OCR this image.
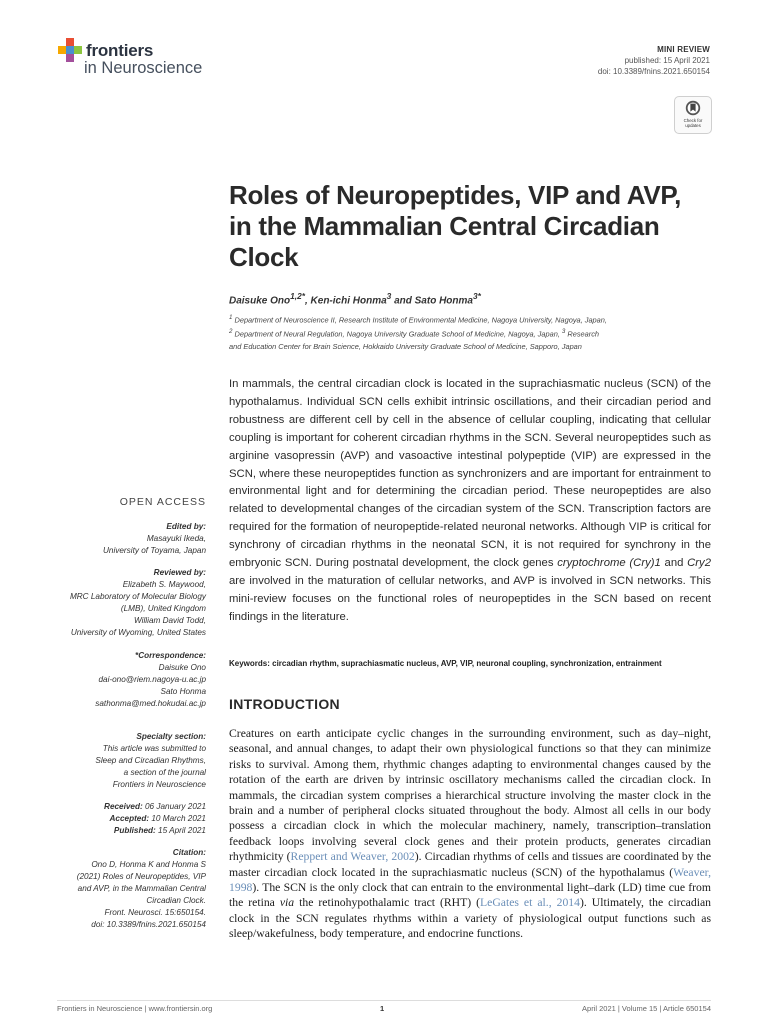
frontiers
in Neuroscience
MINI REVIEW
published: 15 April 2021
doi: 10.3389/fnins.2021.650154
Check for
updates
Roles of Neuropeptides, VIP and AVP,
in the Mammalian Central Circadian
Clock
Daisuke Ono$^{1,2*}$, Ken-ichi Honma$^3$ and Sato Honma$^{3*}$
$^1$ Department of Neuroscience II, Research Institute of Environmental Medicine, Nagoya University, Nagoya, Japan,
$^2$ Department of Neural Regulation, Nagoya University Graduate School of Medicine, Nagoya, Japan, $^3$ Research
and Education Center for Brain Science, Hokkaido University Graduate School of Medicine, Sapporo, Japan
In mammals, the central circadian clock is located in the suprachiasmatic nucleus (SCN) of the hypothalamus. Individual SCN cells exhibit intrinsic oscillations, and their circadian period and robustness are different cell by cell in the absence of cellular coupling, indicating that cellular coupling is important for coherent circadian rhythms in the SCN. Several neuropeptides such as arginine vasopressin (AVP) and vasoactive intestinal polypeptide (VIP) are expressed in the SCN, where these neuropeptides function as synchronizers and are important for entrainment to environmental light and for determining the circadian period. These neuropeptides are also related to developmental changes of the circadian system of the SCN. Transcription factors are required for the formation of neuropeptide-related neuronal networks. Although VIP is critical for synchrony of circadian rhythms in the neonatal SCN, it is not required for synchrony in the embryonic SCN. During postnatal development, the clock genes cryptochrome (Cry)1 and Cry2 are involved in the maturation of cellular networks, and AVP is involved in SCN networks. This mini-review focuses on the functional roles of neuropeptides in the SCN based on recent findings in the literature.
Keywords: circadian rhythm, suprachiasmatic nucleus, AVP, VIP, neuronal coupling, synchronization, entrainment
INTRODUCTION
Creatures on earth anticipate cyclic changes in the surrounding environment, such as day–night, seasonal, and annual changes, to adapt their own physiological functions so that they can minimize risks to survival. Among them, rhythmic changes adapting to environmental changes caused by the rotation of the earth are driven by intrinsic oscillatory mechanisms called the circadian clock. In mammals, the circadian system comprises a hierarchical structure involving the master clock in the brain and a number of peripheral clocks situated throughout the body. Almost all cells in our body possess a circadian clock in which the molecular machinery, namely, transcription–translation feedback loops involving several clock genes and their protein products, generates circadian rhythmicity (Reppert and Weaver, 2002). Circadian rhythms of cells and tissues are coordinated by the master circadian clock located in the suprachiasmatic nucleus (SCN) of the hypothalamus (Weaver, 1998). The SCN is the only clock that can entrain to the environmental light–dark (LD) time cue from the retina via the retinohypothalamic tract (RHT) (LeGates et al., 2014). Ultimately, the circadian clock in the SCN regulates rhythms within a variety of physiological output functions such as sleep/wakefulness, body temperature, and endocrine functions.
OPEN ACCESS
Edited by:
Masayuki Ikeda,
University of Toyama, Japan
Reviewed by:
Elizabeth S. Maywood,
MRC Laboratory of Molecular Biology
(LMB), United Kingdom
William David Todd,
University of Wyoming, United States
*Correspondence:
Daisuke Ono
dai-ono@riem.nagoya-u.ac.jp
Sato Honma
sathonma@med.hokudai.ac.jp
Specialty section:
This article was submitted to
Sleep and Circadian Rhythms,
a section of the journal
Frontiers in Neuroscience
Received: 06 January 2021
Accepted: 10 March 2021
Published: 15 April 2021
Citation:
Ono D, Honma K and Honma S
(2021) Roles of Neuropeptides, VIP
and AVP, in the Mammalian Central
Circadian Clock.
Front. Neurosci. 15:650154.
doi: 10.3389/fnins.2021.650154
Frontiers in Neuroscience | www.frontiersin.org	1	April 2021 | Volume 15 | Article 650154
